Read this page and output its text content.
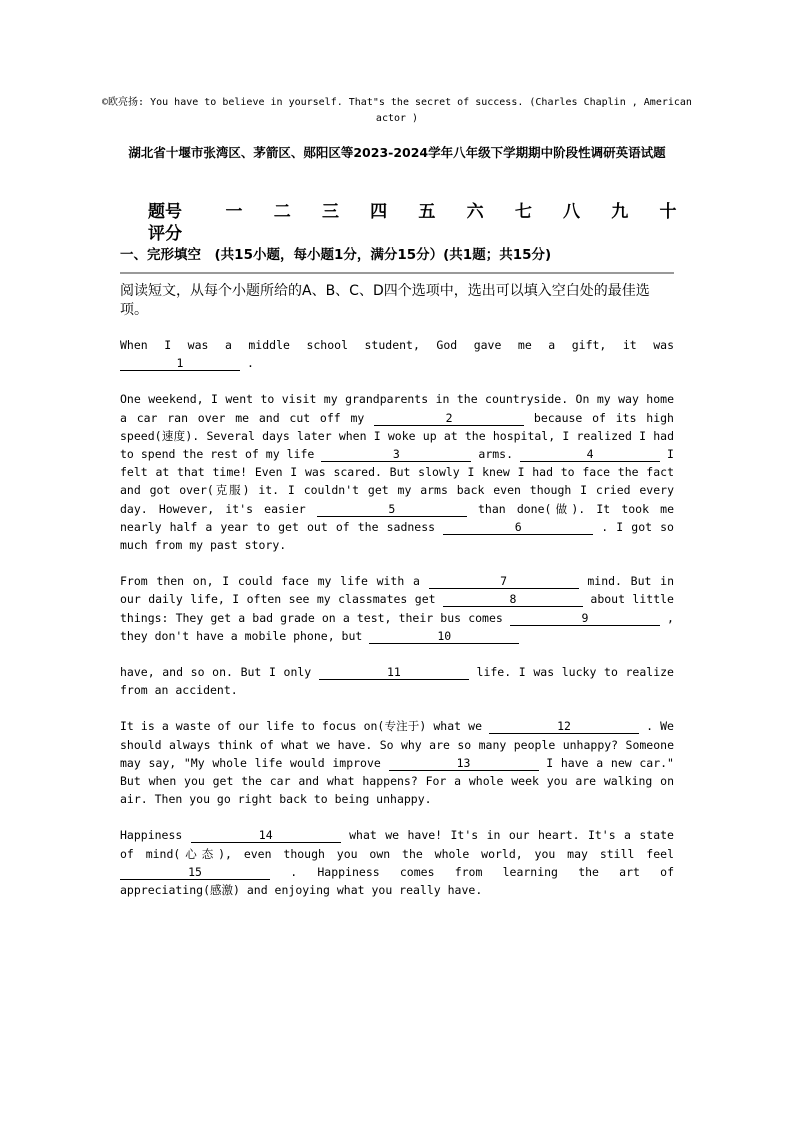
©欧亮扬: You have to believe in yourself. That"s the secret of success. (Charles Chaplin , American actor )
湖北省十堰市张湾区、茅箭区、郧阳区等2023-2024学年八年级下学期期中阶段性调研英语试题
题号	一 二 三 四 五 六 七 八 九 十
评分
一、完形填空　(共15小题，每小题1分，满分15分）(共1题；共15分)
阅读短文，从每个小题所给的A、B、C、D四个选项中，选出可以填入空白处的最佳选项。

When I was a middle school student, God gave me a gift, it was 1	.

One weekend, I went to visit my grandparents in the countryside. On my way home a car ran over me and cut off my	2	because of its high speed(速度). Several days later when I woke up at the hospital, I realized I had to spend the rest of my life	3	arms.	4	I felt at that time! Even I was scared. But slowly I knew I had to face the fact and got over(克服) it. I couldn't get my arms back even though I cried every day. However, it's easier	5	than done(做). It took me nearly half a year to get out of the sadness	6	. I got so much from my past story.

From then on, I could face my life with a	7	mind. But in our daily life, I often see my classmates get	8	about little things: They get a bad grade on a test, their bus comes	9	, they don't have a mobile phone, but	10

have, and so on. But I only	11	life. I was lucky to realize from an accident.

It is a waste of our life to focus on(专注于) what we	12	. We should always think of what we have. So why are so many people unhappy? Someone may say, "My whole life would improve	13	I have a new car." But when you get the car and what happens? For a whole week you are walking on air. Then you go right back to being unhappy.

Happiness	14	what we have! It's in our heart. It's a state of mind(心态), even though you own the whole world, you may still feel 15	. Happiness comes from learning the art of appreciating(感激) and enjoying what you really have.
